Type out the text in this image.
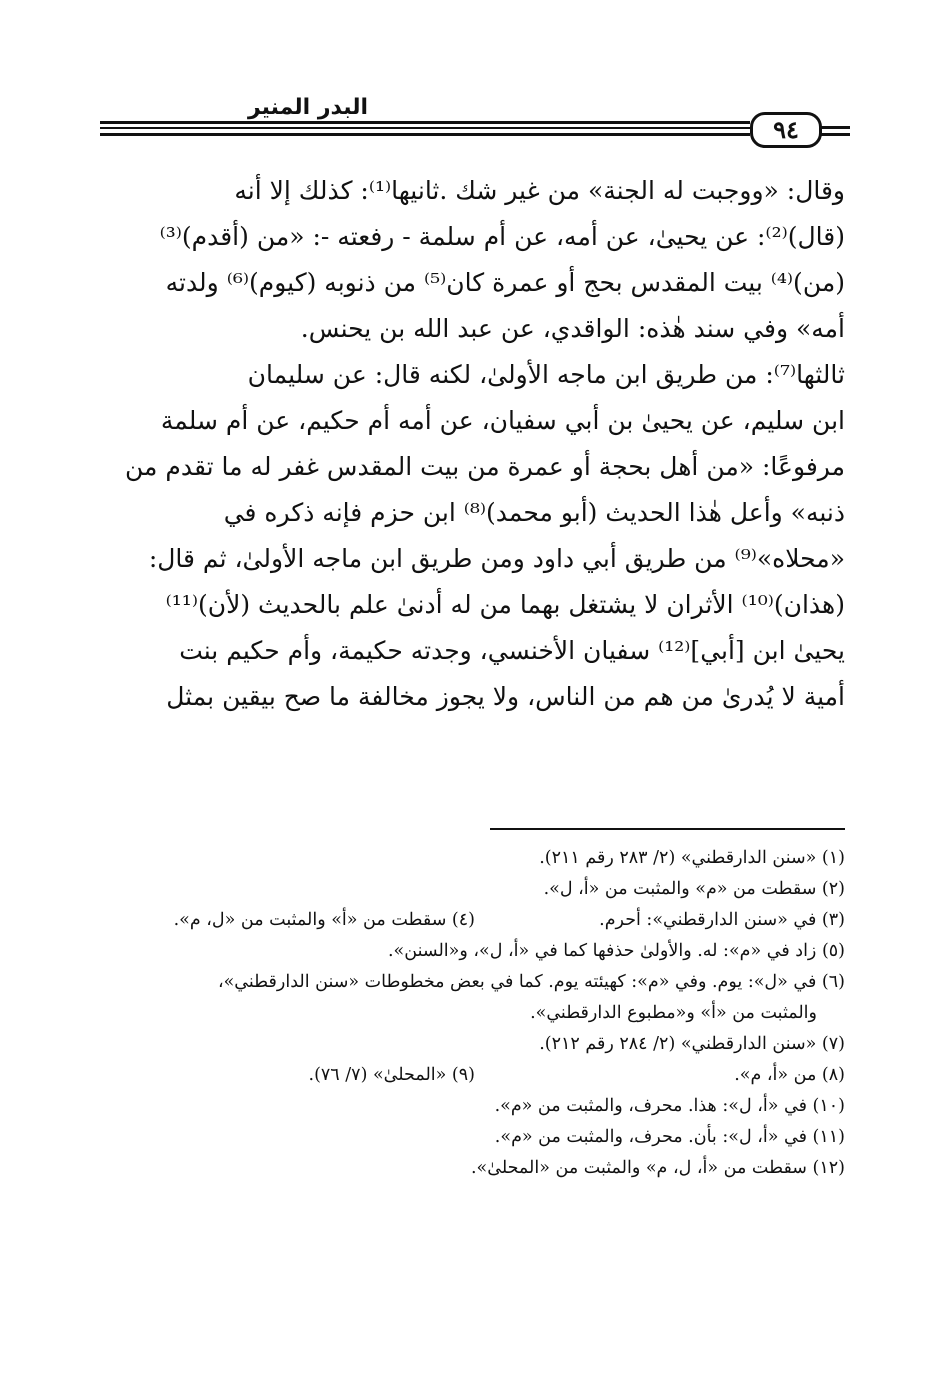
البدر المنير
٩٤

وقال: «ووجبت له الجنة» من غير شك .ثانيها⁽¹⁾: كذلك إلا أنه

(قال)⁽²⁾: عن يحيىٰ، عن أمه، عن أم سلمة - رفعته -: «من (أقدم)⁽³⁾

(من)⁽⁴⁾ بيت المقدس بحج أو عمرة كان⁽⁵⁾ من ذنوبه (كيوم)⁽⁶⁾ ولدته

أمه» وفي سند هٰذه: الواقدي، عن عبد الله بن يحنس.

ثالثها⁽⁷⁾: من طريق ابن ماجه الأولىٰ، لكنه قال: عن سليمان

ابن سليم، عن يحيىٰ بن أبي سفيان، عن أمه أم حكيم، عن أم سلمة

مرفوعًا: «من أهل بحجة أو عمرة من بيت المقدس غفر له ما تقدم من

ذنبه» وأعل هٰذا الحديث (أبو محمد)⁽⁸⁾ ابن حزم فإنه ذكره في

«محلاه»⁽⁹⁾ من طريق أبي داود ومن طريق ابن ماجه الأولىٰ، ثم قال:

(هذان)⁽¹⁰⁾ الأثران لا يشتغل بهما من له أدنىٰ علم بالحديث (لأن)⁽¹¹⁾

يحيىٰ ابن [أبي]⁽¹²⁾ سفيان الأخنسي، وجدته حكيمة، وأم حكيم بنت

أمية لا يُدرىٰ من هم من الناس، ولا يجوز مخالفة ما صح بيقين بمثل

(١) «سنن الدارقطني» (٢/ ٢٨٣ رقم ٢١١).
(٢) سقطت من «م» والمثبت من «أ، ل».
(٣) في «سنن الدارقطني»: أحرم.
(٤) سقطت من «أ» والمثبت من «ل، م».
(٥) زاد في «م»: له. والأولىٰ حذفها كما في «أ، ل»، و«السنن».
(٦) في «ل»: يوم. وفي «م»: كهيئته يوم. كما في بعض مخطوطات «سنن الدارقطني»،
والمثبت من «أ» و«مطبوع الدارقطني».
(٧) «سنن الدارقطني» (٢/ ٢٨٤ رقم ٢١٢).
(٨) من «أ، م».
(٩) «المحلىٰ» (٧/ ٧٦).
(١٠) في «أ، ل»: هذا. محرف، والمثبت من «م».
(١١) في «أ، ل»: بأن. محرف، والمثبت من «م».
(١٢) سقطت من «أ، ل، م» والمثبت من «المحلىٰ».
